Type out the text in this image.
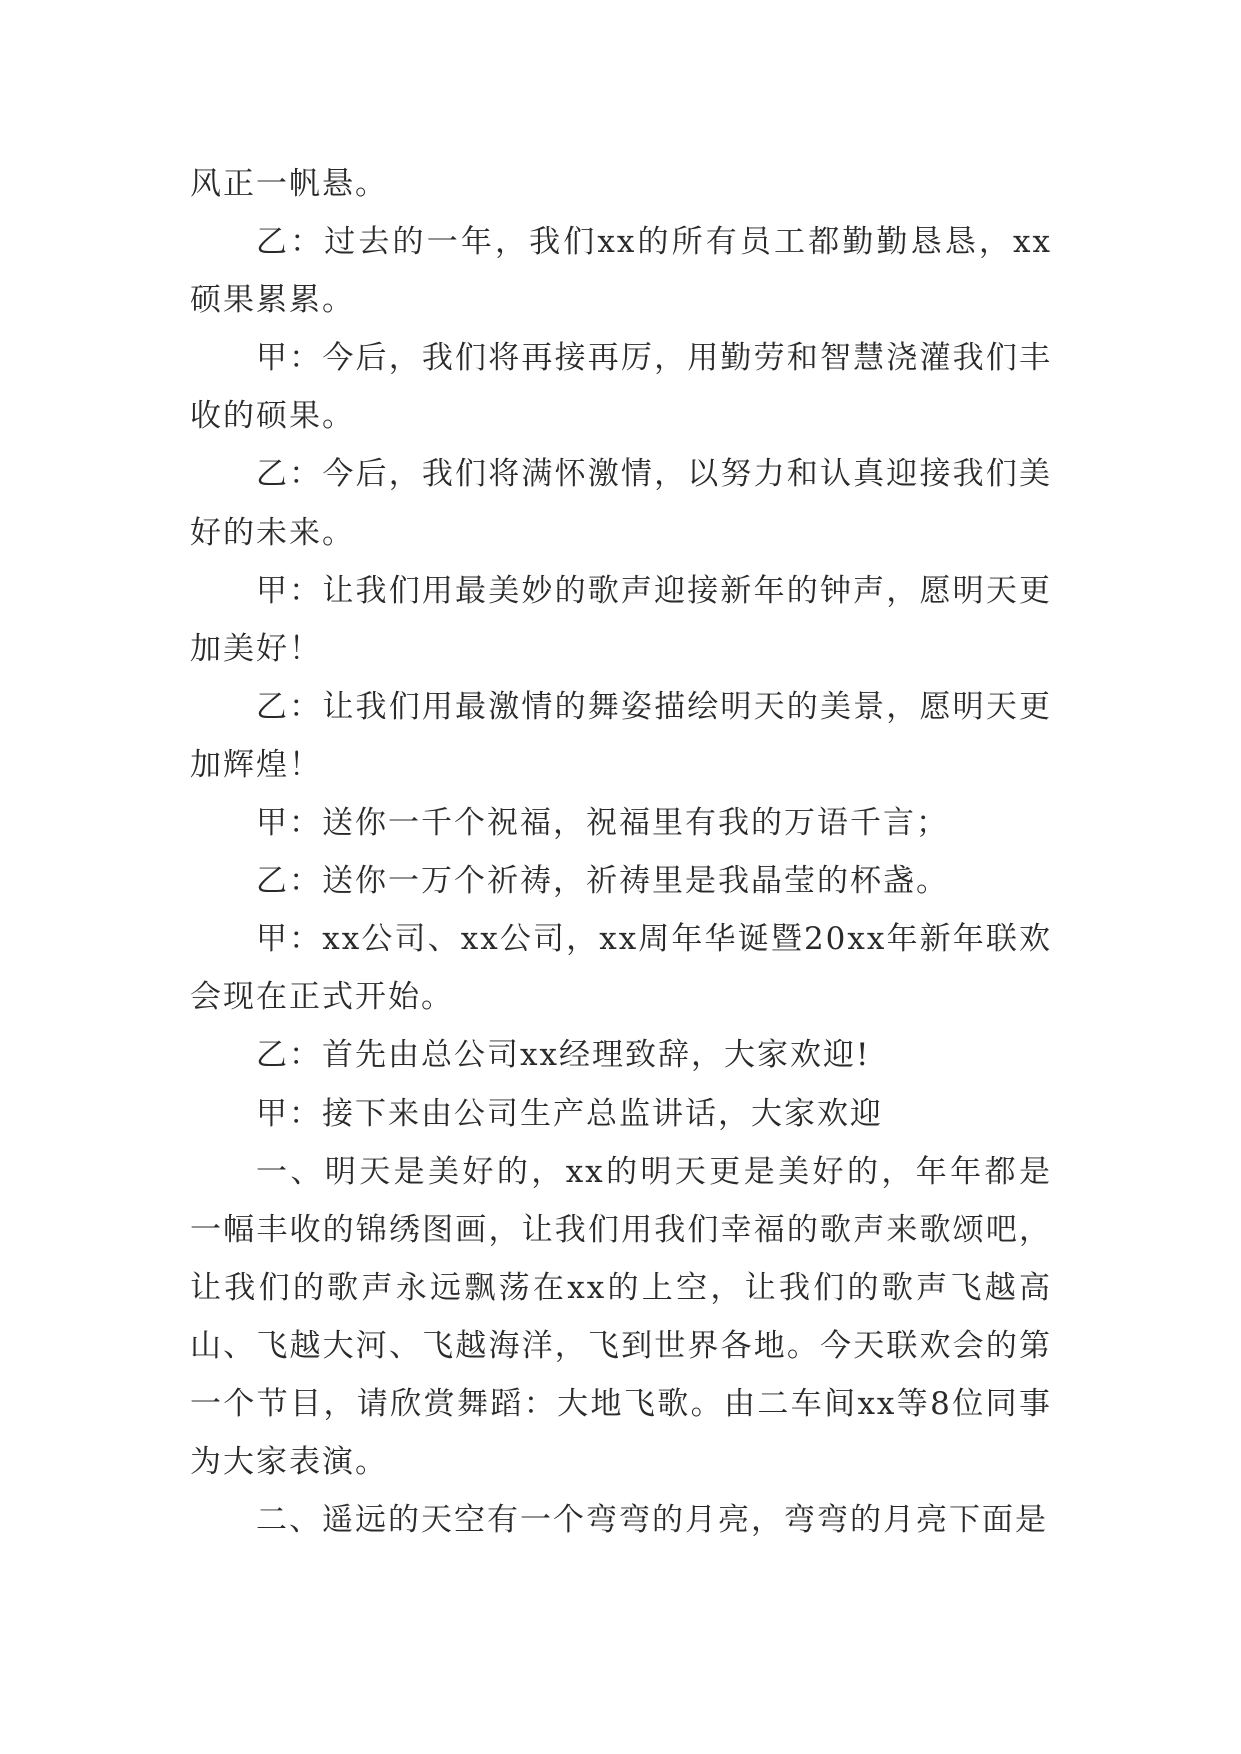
风正一帆悬。

乙：过去的一年，我们xx的所有员工都勤勤恳恳，xx硕果累累。

甲：今后，我们将再接再厉，用勤劳和智慧浇灌我们丰收的硕果。

乙：今后，我们将满怀激情，以努力和认真迎接我们美好的未来。

甲：让我们用最美妙的歌声迎接新年的钟声，愿明天更加美好！

乙：让我们用最激情的舞姿描绘明天的美景，愿明天更加辉煌！

甲：送你一千个祝福，祝福里有我的万语千言；

乙：送你一万个祈祷，祈祷里是我晶莹的杯盏。

甲：xx公司、xx公司，xx周年华诞暨20xx年新年联欢会现在正式开始。

乙：首先由总公司xx经理致辞，大家欢迎!

甲：接下来由公司生产总监讲话，大家欢迎

一、明天是美好的，xx的明天更是美好的，年年都是一幅丰收的锦绣图画，让我们用我们幸福的歌声来歌颂吧，让我们的歌声永远飘荡在xx的上空，让我们的歌声飞越高山、飞越大河、飞越海洋，飞到世界各地。今天联欢会的第一个节目，请欣赏舞蹈：大地飞歌。由二车间xx等8位同事为大家表演。

二、遥远的天空有一个弯弯的月亮，弯弯的月亮下面是
